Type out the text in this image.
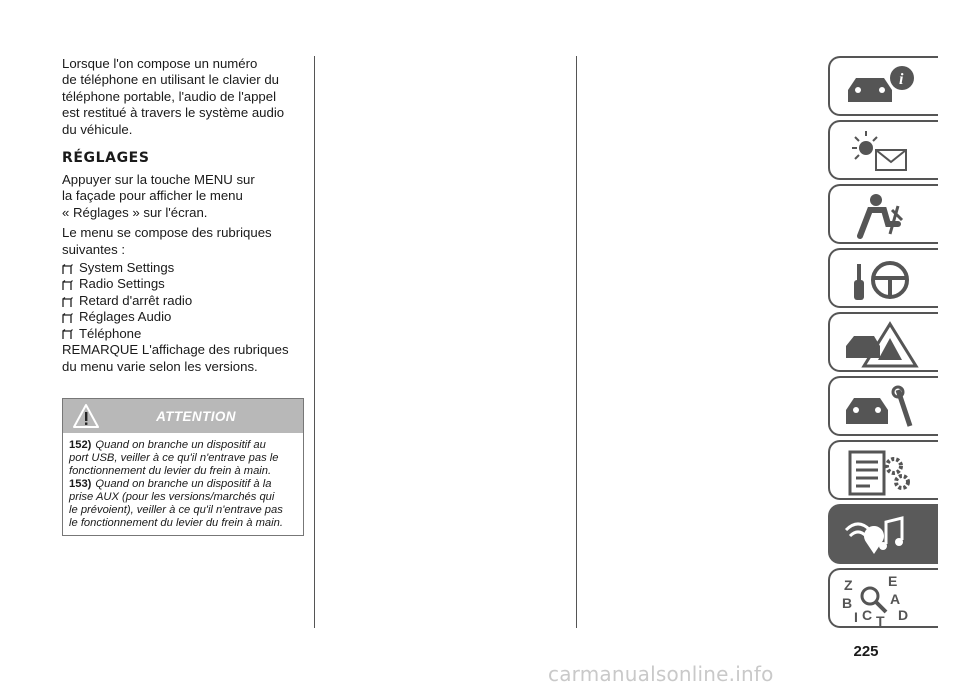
Lorsque l'on compose un numéro

de téléphone en utilisant le clavier du

téléphone portable, l'audio de l'appel

est restitué à travers le système audio

du véhicule.

RÉGLAGES

Appuyer sur la touche MENU sur

la façade pour afficher le menu

« Réglages » sur l'écran.

Le menu se compose des rubriques

suivantes :

System Settings
Radio Settings
Retard d'arrêt radio
Réglages Audio
Téléphone

REMARQUE L'affichage des rubriques

du menu varie selon les versions.

ATTENTION

152) Quand on branche un dispositif au

port USB, veiller à ce qu'il n'entrave pas le

fonctionnement du levier du frein à main.

153) Quand on branche un dispositif à la

prise AUX (pour les versions/marchés qui

le prévoient), veiller à ce qu'il n'entrave pas

le fonctionnement du levier du frein à main.

i
Z	E
B	A
I C T D
225
carmanualsonline.info
